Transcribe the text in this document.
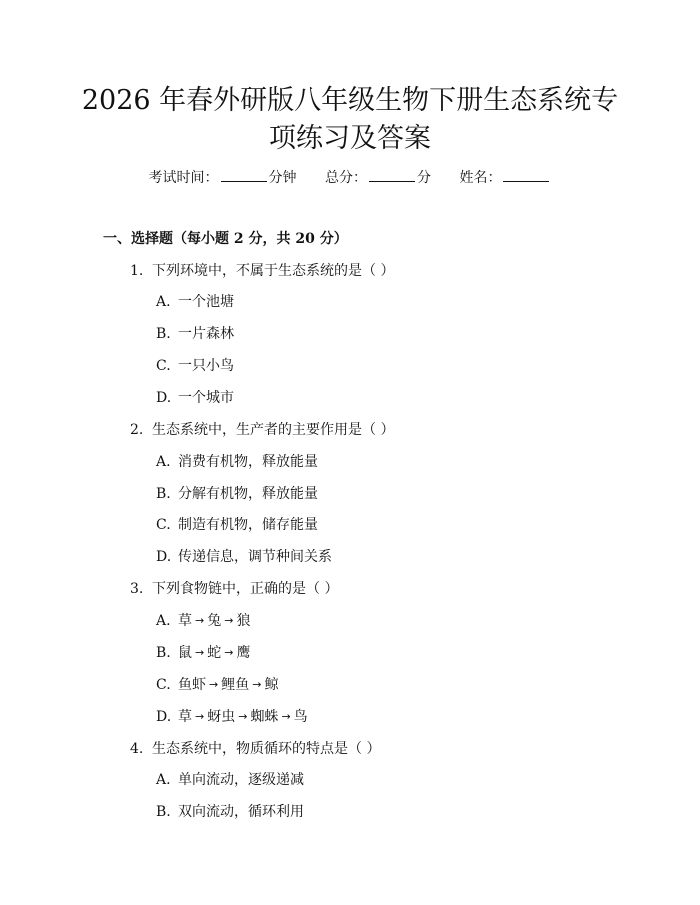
2026 年春外研版八年级生物下册生态系统专
项练习及答案
考试时间：	分钟 总分：	分 姓名：
一、选择题（每小题 2 分，共 20 分）
1. 下列环境中，不属于生态系统的是（ ）
A. 一个池塘
B. 一片森林
C. 一只小鸟
D. 一个城市
2. 生态系统中，生产者的主要作用是（ ）
A. 消费有机物，释放能量
B. 分解有机物，释放能量
C. 制造有机物，储存能量
D. 传递信息，调节种间关系
3. 下列食物链中，正确的是（ ）
A. 草 → 兔 → 狼
B. 鼠 → 蛇 → 鹰
C. 鱼虾 → 鲤鱼 → 鲸
D. 草 → 蚜虫 → 蜘蛛 → 鸟
4. 生态系统中，物质循环的特点是（ ）
A. 单向流动，逐级递减
B. 双向流动，循环利用
